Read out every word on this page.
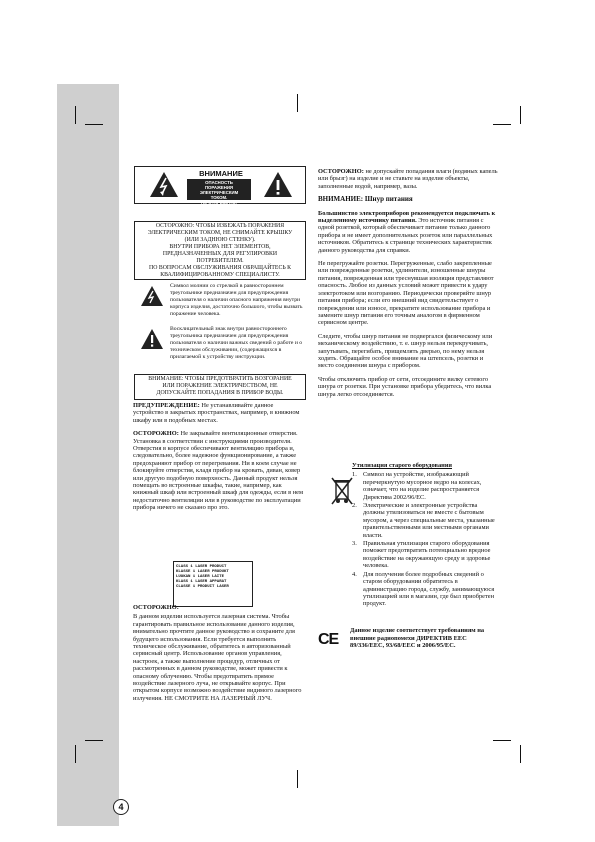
4
ВНИМАНИЕ
ОПАСНОСТЬ
ПОРАЖЕНИЯ
ЭЛЕКТРИЧЕСКИМ
ТОКОМ.
НЕ ОТКРЫВАТЬ!
ОСТОРОЖНО: ЧТОБЫ ИЗБЕЖАТЬ ПОРАЖЕНИЯ
ЭЛЕКТРИЧЕСКИМ ТОКОМ, НЕ СНИМАЙТЕ КРЫШКУ
(ИЛИ ЗАДНЮЮ СТЕНКУ).
ВНУТРИ ПРИБОРА НЕТ ЭЛЕМЕНТОВ,
ПРЕДНАЗНАЧЕННЫХ ДЛЯ РЕГУЛИРОВКИ
ПОТРЕБИТЕЛЕМ.
ПО ВОПРОСАМ ОБСЛУЖИВАНИЯ ОБРАЩАЙТЕСЬ К
КВАЛИФИЦИРОВАННОМУ СПЕЦИАЛИСТУ.
Символ молнии со стрелкой в равностороннем треугольнике предназначен для предупреждения пользователя о наличии опасного напряжения внутри корпуса изделия, достаточно большого, чтобы вызвать поражение человека.
Восклицательный знак внутри равностороннего треугольника предназначен для предупреждения пользователя о наличии важных сведений о работе и о техническом обслуживании, (содержащихся в прилагаемой к устройству инструкции.
ВНИМАНИЕ: ЧТОБЫ ПРЕДОТВРАТИТЬ ВОЗГОРАНИЕ
ИЛИ ПОРАЖЕНИЕ ЭЛЕКТРИЧЕСТВОМ, НЕ
ДОПУСКАЙТЕ ПОПАДАНИЯ В ПРИБОР ВОДЫ.

ПРЕДУПРЕЖДЕНИЕ: Не устанавливайте данное устройство в закрытых пространствах, например, в книжном шкафу или в подобных местах.

ОСТОРОЖНО: Не закрывайте вентиляционные отверстия. Установка в соответствии с инструкциями производителя. Отверстия в корпусе обеспечивают вентиляцию прибора и, следовательно, более надежное функционирование, а также предохраняют прибор от перегревания. Ни в коем случае не блокируйте отверстия, кладя прибор на кровать, диван, ковер или другую подобную поверхность. Данный продукт нельзя помещать во встроенные шкафы, такие, например, как книжный шкаф или встроенный шкаф для одежды, если в нем недостаточно вентиляции или в руководстве по эксплуатации прибора ничего не сказано про это.

CLASS 1 LASER PRODUCT
KLASSE 1 LASER PRODUKT
LUOKAN 1 LASER LAITE
KLASS 1 LASER APPARAT
CLASSE 1 PRODUIT LASER

ОСТОРОЖНО:

В данном изделии используется лазерная система. Чтобы гарантировать правильное использование данного изделия, внимательно прочтите данное руководство и сохраните для будущего использования. Если требуется выполнить техническое обслуживание, обратитесь в авторизованный сервисный центр. Использование органов управления, настроек, а также выполнение процедур, отличных от рассмотренных в данном руководстве, может привести к опасному облучению. Чтобы предотвратить прямое воздействие лазерного луча, не открывайте корпус. При открытом корпусе возможно воздействие видимого лазерного излучения. НЕ СМОТРИТЕ НА ЛАЗЕРНЫЙ ЛУЧ.

ОСТОРОЖНО: не допускайте попадания влаги (водяных капель или брызг) на изделие и не ставьте на изделие объекты, заполненные водой, например, вазы.

ВНИМАНИЕ: Шнур питания

Большинство электроприборов рекомендуется подключать к выделенному источнику питания. Это источник питания с одной розеткой, который обеспечивает питание только данного прибора и не имеет дополнительных розеток или параллельных источников. Обратитесь к странице технических характеристик данного руководства для справки.

Не перегружайте розетки. Перегруженные, слабо закрепленные или поврежденные розетки, удлинители, изношенные шнуры питания, поврежденная или треснувшая изоляция представляют опасность. Любое из данных условий может привести к удару электротоком или возгоранию. Периодически проверяйте шнур питания прибора; если его внешний вид свидетельствует о повреждении или износе, прекратите использование прибора и замените шнур питания его точным аналогом в фирменном сервисном центре.

Следите, чтобы шнур питания не подвергался физическому или механическому воздействию, т. е. шнур нельзя перекручивать, запутывать, перегибать, прищемлять дверью, по нему нельзя ходить. Обращайте особое внимание на штепсель, розетки и место соединения шнура с прибором.

Чтобы отключить прибор от сети, отсоедините вилку сетевого шнура от розетки. При установке прибора убедитесь, что вилка шнура легко отсоединяется.

Утилизация старого оборудования

1. Символ на устройстве, изображающий перечеркнутую мусорное ведро на колесах, означает, что на изделие распространяется Директива 2002/96/EC.
2. Электрические и электронные устройства должны утилизоваться не вместе с бытовым мусором, а через специальные места, указанные правительственными или местными органами власти.
3. Правильная утилизация старого оборудования поможет предотвратить потенциально вредное воздействие на окружающую среду и здоровье человека.
4. Для получения более подробных сведений о старом оборудовании обратитесь в администрацию города, службу, занимающуюся утилизацией или в магазин, где был приобретен продукт.
CE
Данное изделие соответствует требованиям на внешние радиопомехи ДИРЕКТИВ EEC 89/336/EEC, 93/68/EEC и 2006/95/EC.
